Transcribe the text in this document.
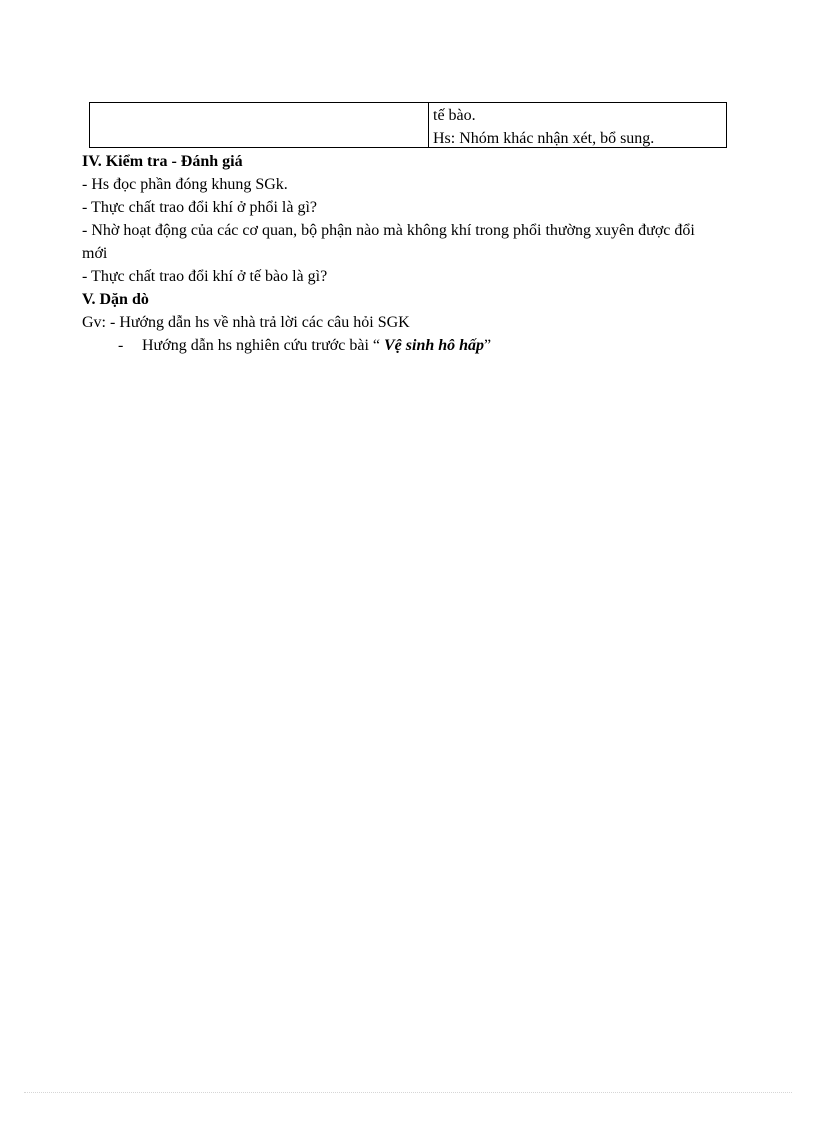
tế bào.
Hs: Nhóm khác nhận xét, bổ sung.
IV. Kiểm tra - Đánh giá
- Hs đọc phần đóng khung SGk.
- Thực chất trao đổi khí ở phổi là gì?
- Nhờ hoạt động của các cơ quan, bộ phận nào mà không khí trong phổi thường xuyên được đổi mới
- Thực chất trao đổi khí ở tế bào là gì?
V. Dặn dò
Gv: - Hướng dẫn hs về nhà trả lời các câu hỏi SGK
- Hướng dẫn hs nghiên cứu trước bài “ Vệ sinh hô hấp”
